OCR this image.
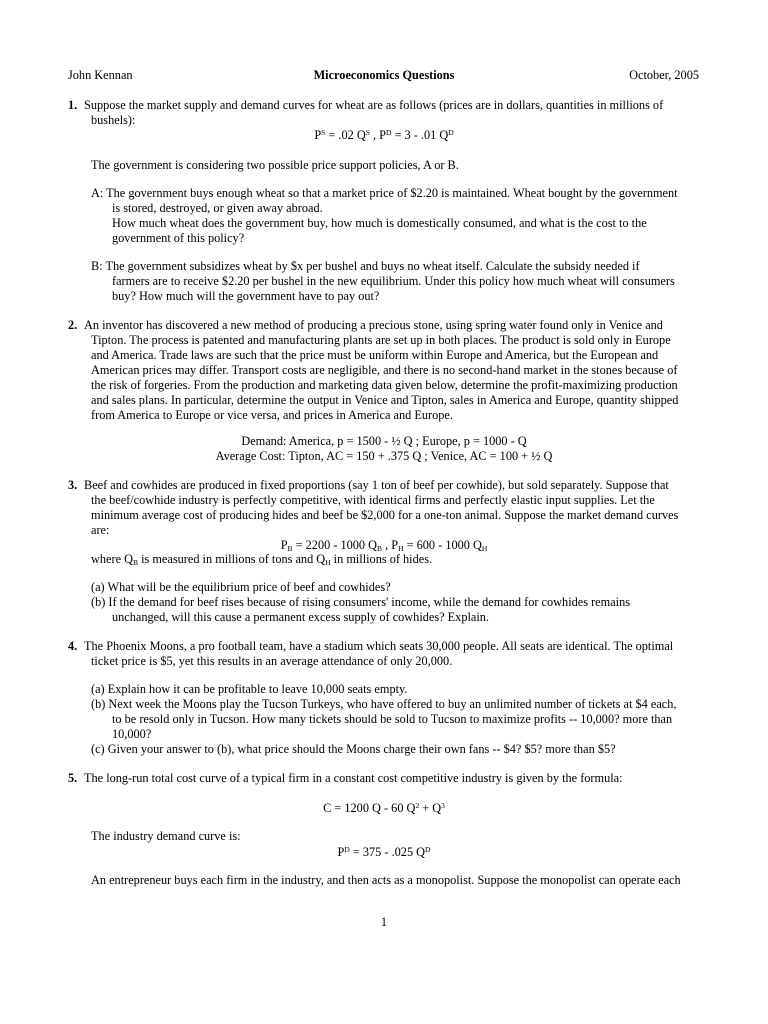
John Kennan	Microeconomics Questions	October, 2005
1. Suppose the market supply and demand curves for wheat are as follows (prices are in dollars, quantities in millions of
bushels):
$P^S = .02$ $Q^S$ , $P^D = 3 - .01$ $Q^D$
The government is considering two possible price support policies, A or B.
A: The government buys enough wheat so that a market price of $2.20 is maintained. Wheat bought by the government
is stored, destroyed, or given away abroad.
How much wheat does the government buy, how much is domestically consumed, and what is the cost to the
government of this policy?
B: The government subsidizes wheat by $x per bushel and buys no wheat itself. Calculate the subsidy needed if
farmers are to receive $2.20 per bushel in the new equilibrium. Under this policy how much wheat will consumers
buy? How much will the government have to pay out?
2. An inventor has discovered a new method of producing a precious stone, using spring water found only in Venice and
Tipton. The process is patented and manufacturing plants are set up in both places. The product is sold only in Europe
and America. Trade laws are such that the price must be uniform within Europe and America, but the European and
American prices may differ. Transport costs are negligible, and there is no second-hand market in the stones because of
the risk of forgeries. From the production and marketing data given below, determine the profit-maximizing production
and sales plans. In particular, determine the output in Venice and Tipton, sales in America and Europe, quantity shipped
from America to Europe or vice versa, and prices in America and Europe.
Demand: America, p = 1500 - ½ Q ; Europe, p = 1000 - Q
Average Cost: Tipton, AC = 150 + .375 Q ; Venice, AC = 100 + ½ Q
3. Beef and cowhides are produced in fixed proportions (say 1 ton of beef per cowhide), but sold separately. Suppose that
the beef/cowhide industry is perfectly competitive, with identical firms and perfectly elastic input supplies. Let the
minimum average cost of producing hides and beef be $2,000 for a one-ton animal. Suppose the market demand curves
are:
$P_B = 2200 - 1000$ $Q_B$ , $P_H = 600 - 1000$ $Q_H$
where $Q_B$ is measured in millions of tons and $Q_H$ in millions of hides.
(a) What will be the equilibrium price of beef and cowhides?
(b) If the demand for beef rises because of rising consumers' income, while the demand for cowhides remains
unchanged, will this cause a permanent excess supply of cowhides? Explain.
4. The Phoenix Moons, a pro football team, have a stadium which seats 30,000 people. All seats are identical. The optimal
ticket price is $5, yet this results in an average attendance of only 20,000.
(a) Explain how it can be profitable to leave 10,000 seats empty.
(b) Next week the Moons play the Tucson Turkeys, who have offered to buy an unlimited number of tickets at $4 each,
to be resold only in Tucson. How many tickets should be sold to Tucson to maximize profits -- 10,000? more than
10,000?
(c) Given your answer to (b), what price should the Moons charge their own fans -- $4? $5? more than $5?
5. The long-run total cost curve of a typical firm in a constant cost competitive industry is given by the formula:
C = 1200 Q - 60 $Q^2 + Q^3$
The industry demand curve is:
$P^D = 375 - .025$ $Q^D$
An entrepreneur buys each firm in the industry, and then acts as a monopolist. Suppose the monopolist can operate each
1
